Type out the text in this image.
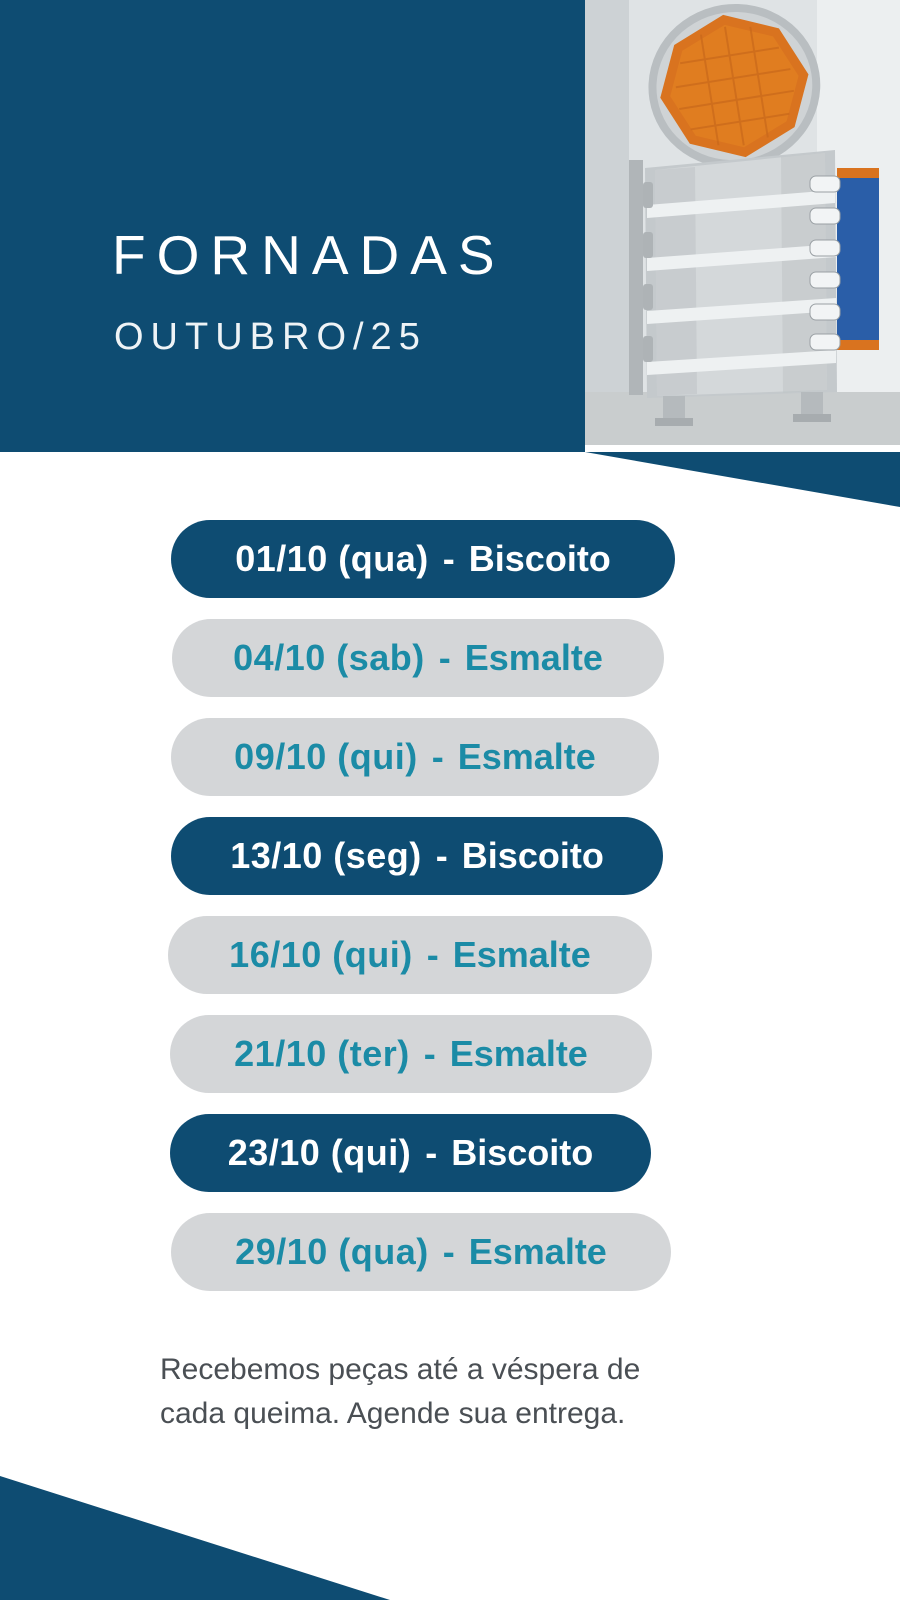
FORNADAS
OUTUBRO/25
01/10 (qua) - Biscoito
04/10 (sab) - Esmalte
09/10 (qui) - Esmalte
13/10 (seg) - Biscoito
16/10 (qui) - Esmalte
21/10 (ter) - Esmalte
23/10 (qui) - Biscoito
29/10 (qua) - Esmalte
Recebemos peças até a véspera de
cada queima. Agende sua entrega.
